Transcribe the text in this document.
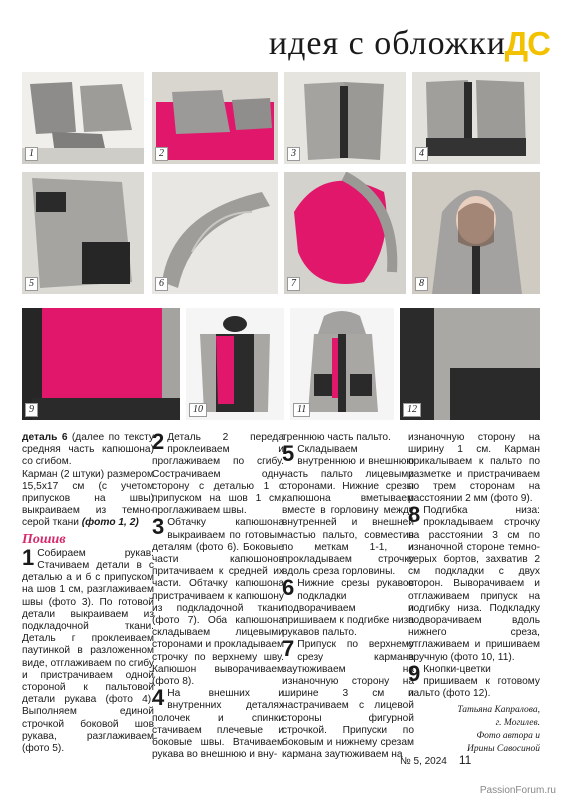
идея с обложки
ДС
1	2	3	4
5	6	7	8
9	10	11	12

деталь 6 (далее по тексту средняя часть капюшона) со сгибом.

Карман (2 штуки) размером 15,5х17 см (с учетом припусков на швы) выкраиваем из темно-серой ткани (фото 1, 2)

Пошив

1 Собираем рукав. Стачиваем детали в с деталью а и б с припуском на шов 1 см, разглаживаем швы (фото 3). По готовой детали выкраиваем из подкладочной ткани. Деталь г проклеиваем паутинкой в разложенном виде, отглаживаем по сгибу и пристрачиваем одной стороной к пальтовой детали рукава (фото 4). Выполняем единой строчкой боковой шов рукава, разглаживаем (фото 5).

2 Деталь 2 переда проклеиваем и проглаживаем по сгибу. Сострачиваем одну сторону с деталью 1 с припуском на шов 1 см, проглаживаем швы.

3 Обтачку капюшона выкраиваем по готовым деталям (фото 6). Боковые части капюшонов притачиваем к средней их части. Обтачку капюшона пристрачиваем к капюшону из подкладочной ткани (фото 7). Оба капюшона складываем лицевыми сторонами и прокладываем строчку по верхнему шву. Капюшон выворачиваем (фото 8).

4 На внешних и внутренних деталях полочек и спинки стачиваем плечевые и боковые швы. Втачиваем рукава во внешнюю и вну-

треннюю часть пальто.

5 Складываем внутреннюю и внешнюю часть пальто лицевыми сторонами. Нижние срезы капюшона вметываем вместе в горловину между внутренней и внешней частью пальто, совместив по меткам 1-1, и прокладываем строчку вдоль среза горловины.

6 Нижние срезы рукавов подкладки подворачиваем и пришиваем к подгибке низа рукавов пальто.

7 Припуск по верхнему срезу кармана заутюживаем на изнаночную сторону на ширине 3 см и настрачиваем с лицевой стороны фигурной строчкой. Припуски по боковым и нижнему срезам кармана заутюживаем на

изнаночную сторону на ширину 1 см. Карман прикалываем к пальто по разметке и пристрачиваем по трем сторонам на расстоянии 2 мм (фото 9).

8 Подгибка низа: прокладываем строчку на расстоянии 3 см по изнаночной стороне темно-серых бортов, захватив 2 см подкладки с двух сторон. Выворачиваем и отглаживаем припуск на подгибку низа. Подкладку подворачиваем вдоль нижнего среза, отглаживаем и пришиваем вручную (фото 10, 11).

9 Кнопки-цветки пришиваем к готовому пальто (фото 12).

Татьяна Капралова,
г. Могилев.
Фото автора и
Ирины Савосиной
№ 5, 2024 11
PassionForum.ru
